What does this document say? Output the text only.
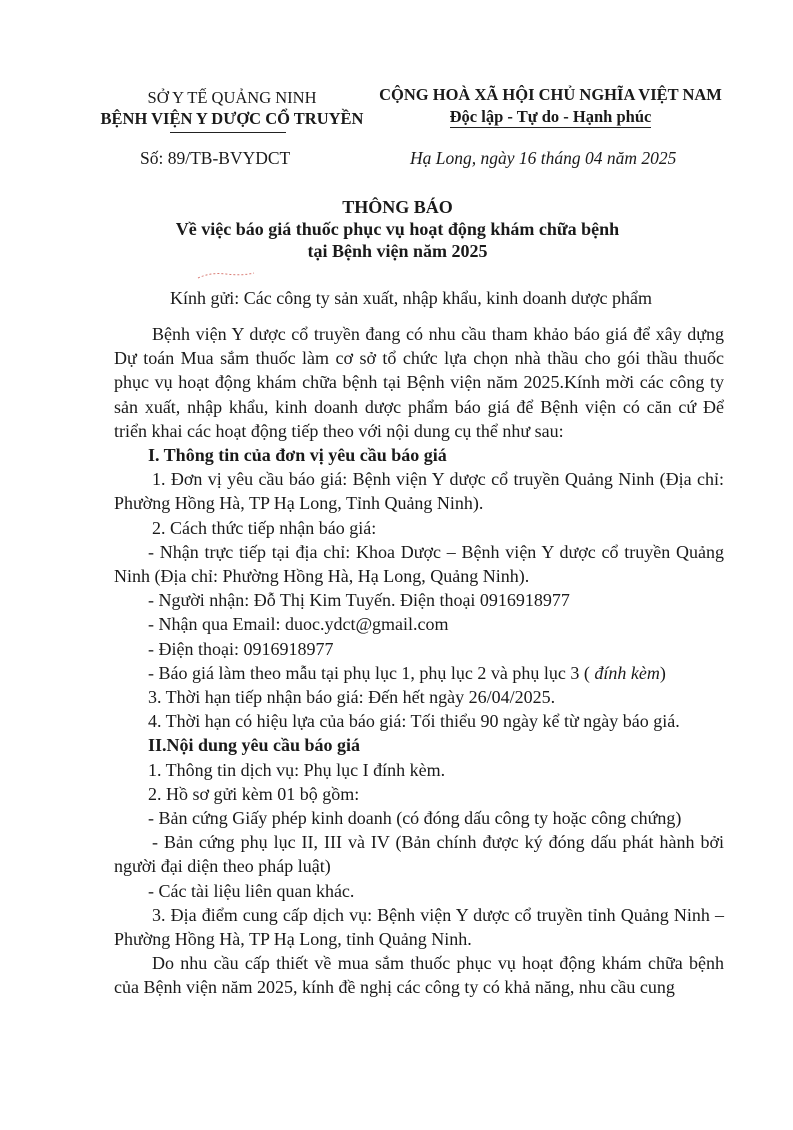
SỞ Y TẾ QUẢNG NINH
BỆNH VIỆN Y DƯỢC CỔ TRUYỀN
CỘNG HOÀ XÃ HỘI CHỦ NGHĨA VIỆT NAM
Độc lập - Tự do - Hạnh phúc
Số: 89/TB-BVYDCT	Hạ Long, ngày 16 tháng 04 năm 2025
THÔNG BÁO
Về việc báo giá thuốc phục vụ hoạt động khám chữa bệnh
tại Bệnh viện năm 2025
Kính gửi: Các công ty sản xuất, nhập khẩu, kinh doanh dược phẩm

Bệnh viện Y dược cổ truyền đang có nhu cầu tham khảo báo giá để xây dựng Dự toán Mua sắm thuốc làm cơ sở tổ chức lựa chọn nhà thầu cho gói thầu thuốc phục vụ hoạt động khám chữa bệnh tại Bệnh viện năm 2025.Kính mời các công ty sản xuất, nhập khẩu, kinh doanh dược phẩm báo giá để Bệnh viện có căn cứ Để triển khai các hoạt động tiếp theo với nội dung cụ thể như sau:

I. Thông tin của đơn vị yêu cầu báo giá

1. Đơn vị yêu cầu báo giá: Bệnh viện Y dược cổ truyền Quảng Ninh (Địa chỉ: Phường Hồng Hà, TP Hạ Long, Tỉnh Quảng Ninh).

2. Cách thức tiếp nhận báo giá:

- Nhận trực tiếp tại địa chỉ: Khoa Dược – Bệnh viện Y dược cổ truyền Quảng Ninh (Địa chỉ: Phường Hồng Hà, Hạ Long, Quảng Ninh).

- Người nhận: Đỗ Thị Kim Tuyến. Điện thoại 0916918977

- Nhận qua Email: duoc.ydct@gmail.com

- Điện thoại: 0916918977

- Báo giá làm theo mẫu tại phụ lục 1, phụ lục 2 và phụ lục 3 ( đính kèm)

3. Thời hạn tiếp nhận báo giá: Đến hết ngày 26/04/2025.

4. Thời hạn có hiệu lựa của báo giá: Tối thiểu 90 ngày kể từ ngày báo giá.

II.Nội dung yêu cầu báo giá

1. Thông tin dịch vụ: Phụ lục I đính kèm.

2. Hồ sơ gửi kèm 01 bộ gồm:

- Bản cứng Giấy phép kinh doanh (có đóng dấu công ty hoặc công chứng)

- Bản cứng phụ lục II, III và IV (Bản chính được ký đóng dấu phát hành bởi người đại diện theo pháp luật)

- Các tài liệu liên quan khác.

3. Địa điểm cung cấp dịch vụ: Bệnh viện Y dược cổ truyền tỉnh Quảng Ninh – Phường Hồng Hà, TP Hạ Long, tỉnh Quảng Ninh.

Do nhu cầu cấp thiết về mua sắm thuốc phục vụ hoạt động khám chữa bệnh của Bệnh viện năm 2025, kính đề nghị các công ty có khả năng, nhu cầu cung
